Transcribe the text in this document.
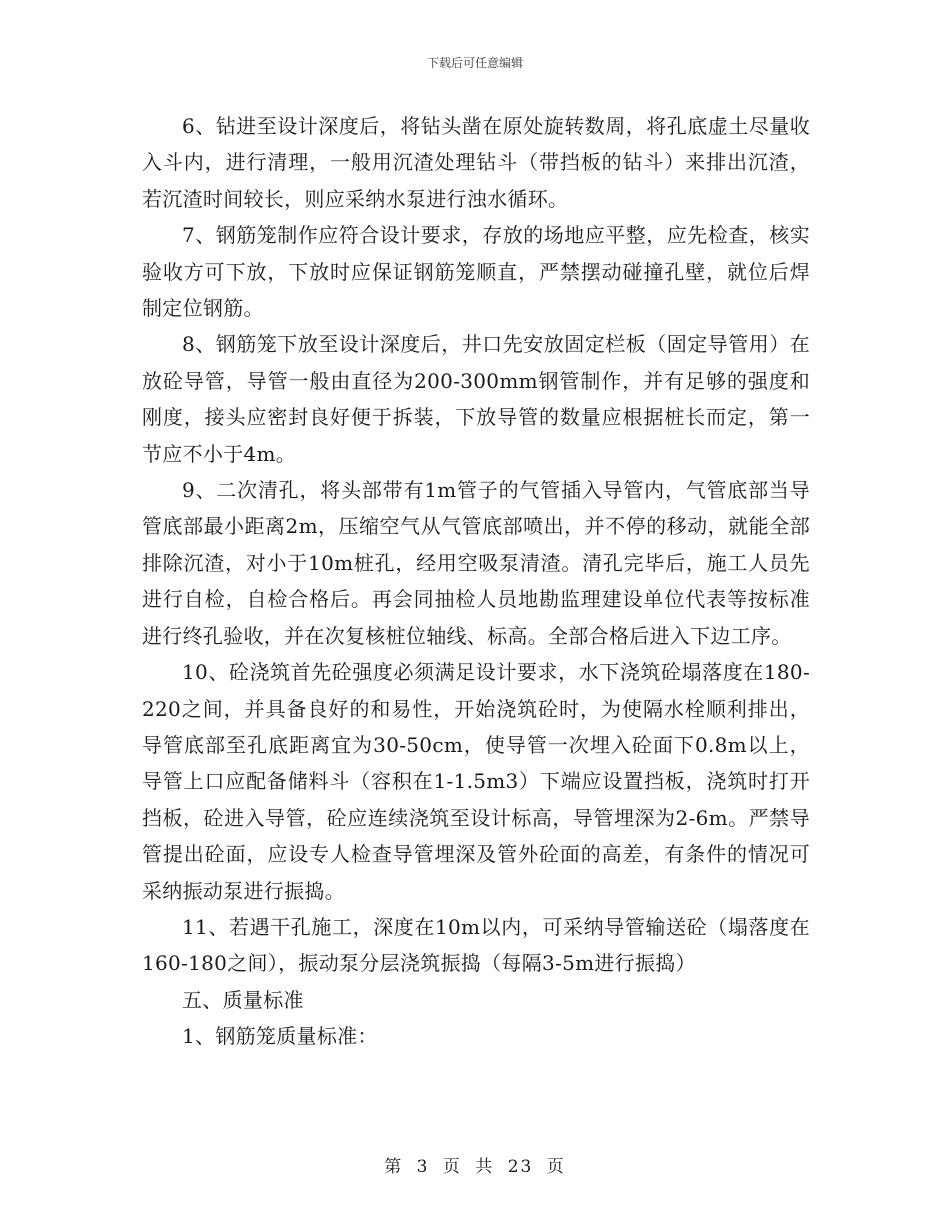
下载后可任意编辑

6、钻进至设计深度后，将钻头凿在原处旋转数周，将孔底虚土尽量收入斗内，进行清理，一般用沉渣处理钻斗（带挡板的钻斗）来排出沉渣，若沉渣时间较长，则应采纳水泵进行浊水循环。

7、钢筋笼制作应符合设计要求，存放的场地应平整，应先检查，核实验收方可下放，下放时应保证钢筋笼顺直，严禁摆动碰撞孔壁，就位后焊制定位钢筋。

8、钢筋笼下放至设计深度后，井口先安放固定栏板（固定导管用）在放砼导管，导管一般由直径为200-300mm钢管制作，并有足够的强度和刚度，接头应密封良好便于拆装，下放导管的数量应根据桩长而定，第一节应不小于4m。

9、二次清孔，将头部带有1m管子的气管插入导管内，气管底部当导管底部最小距离2m，压缩空气从气管底部喷出，并不停的移动，就能全部排除沉渣，对小于10m桩孔，经用空吸泵清渣。清孔完毕后，施工人员先进行自检，自检合格后。再会同抽检人员地勘监理建设单位代表等按标准进行终孔验收，并在次复核桩位轴线、标高。全部合格后进入下边工序。

10、砼浇筑首先砼强度必须满足设计要求，水下浇筑砼塌落度在180-220之间，并具备良好的和易性，开始浇筑砼时，为使隔水栓顺利排出，导管底部至孔底距离宜为30-50cm，使导管一次埋入砼面下0.8m以上，导管上口应配备储料斗（容积在1-1.5m3）下端应设置挡板，浇筑时打开挡板，砼进入导管，砼应连续浇筑至设计标高，导管埋深为2-6m。严禁导管提出砼面，应设专人检查导管埋深及管外砼面的高差，有条件的情况可采纳振动泵进行振捣。

11、若遇干孔施工，深度在10m以内，可采纳导管输送砼（塌落度在160-180之间），振动泵分层浇筑振捣（每隔3-5m进行振捣）

五、质量标准

1、钢筋笼质量标准：

第 3 页 共 23 页
